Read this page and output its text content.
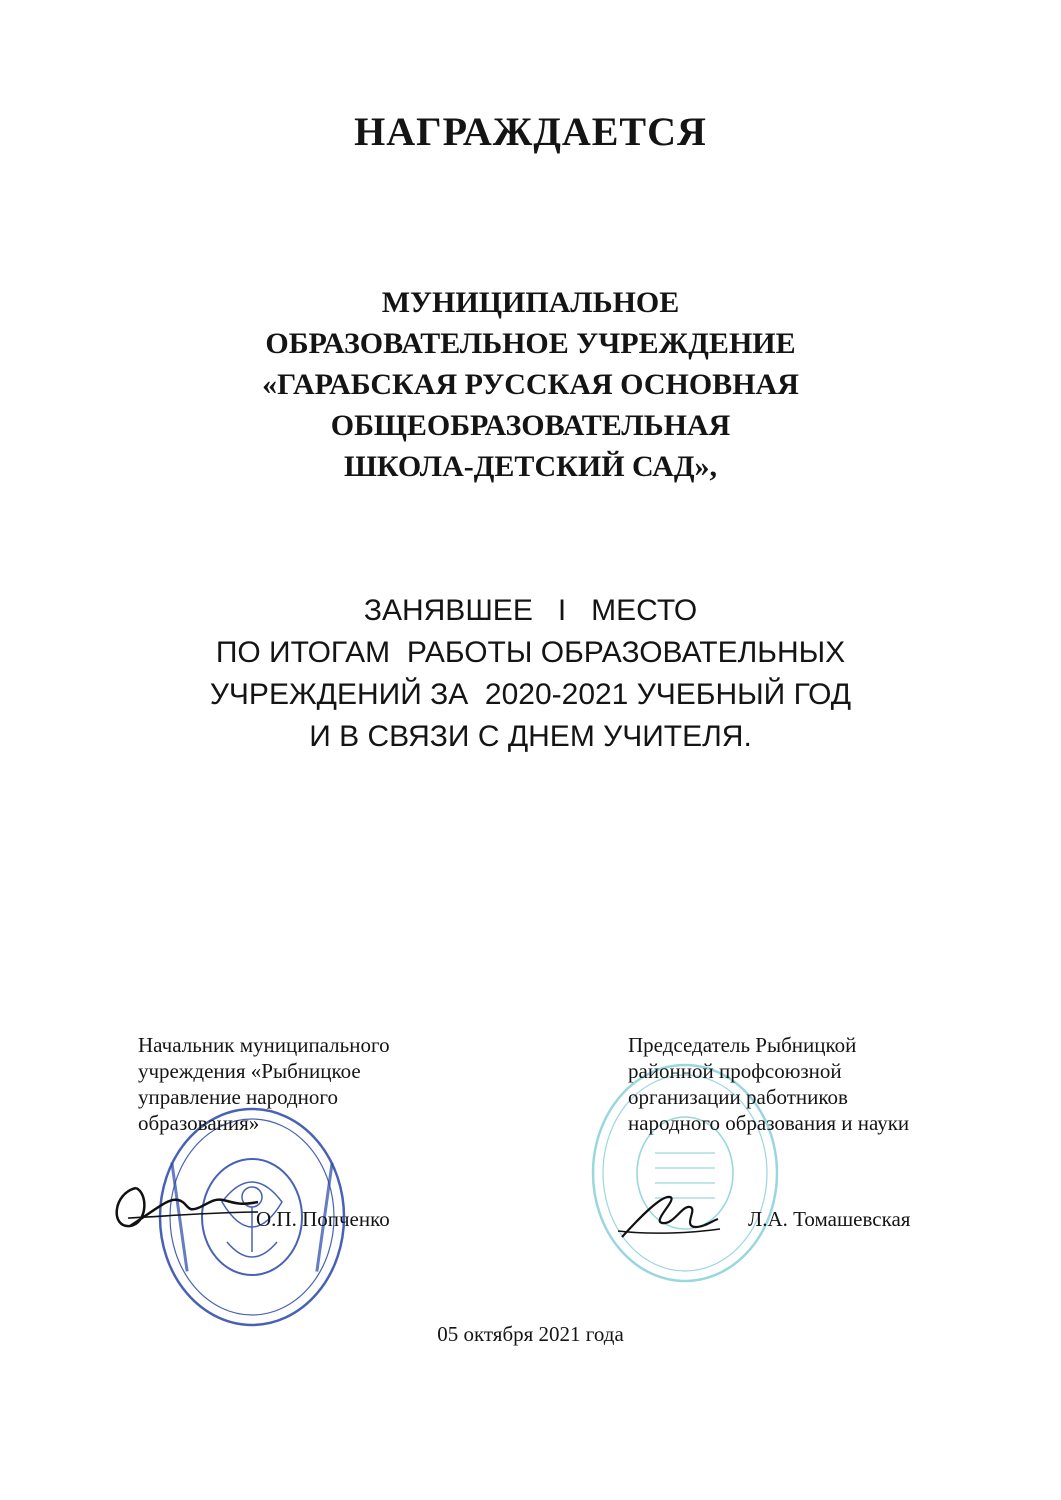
НАГРАЖДАЕТСЯ
МУНИЦИПАЛЬНОЕ
ОБРАЗОВАТЕЛЬНОЕ УЧРЕЖДЕНИЕ
«ГАРАБСКАЯ РУССКАЯ ОСНОВНАЯ
ОБЩЕОБРАЗОВАТЕЛЬНАЯ
ШКОЛА-ДЕТСКИЙ САД»,
ЗАНЯВШЕЕ   I   МЕСТО
ПО ИТОГАМ  РАБОТЫ ОБРАЗОВАТЕЛЬНЫХ
УЧРЕЖДЕНИЙ ЗА  2020-2021 УЧЕБНЫЙ ГОД
И В СВЯЗИ С ДНЕМ УЧИТЕЛЯ.
Начальник муниципального
учреждения «Рыбницкое
управление народного
образования»
Председатель Рыбницкой
районной профсоюзной
организации работников
народного образования и науки
О.П. Попченко	Л.А. Томашевская
05 октября 2021 года
